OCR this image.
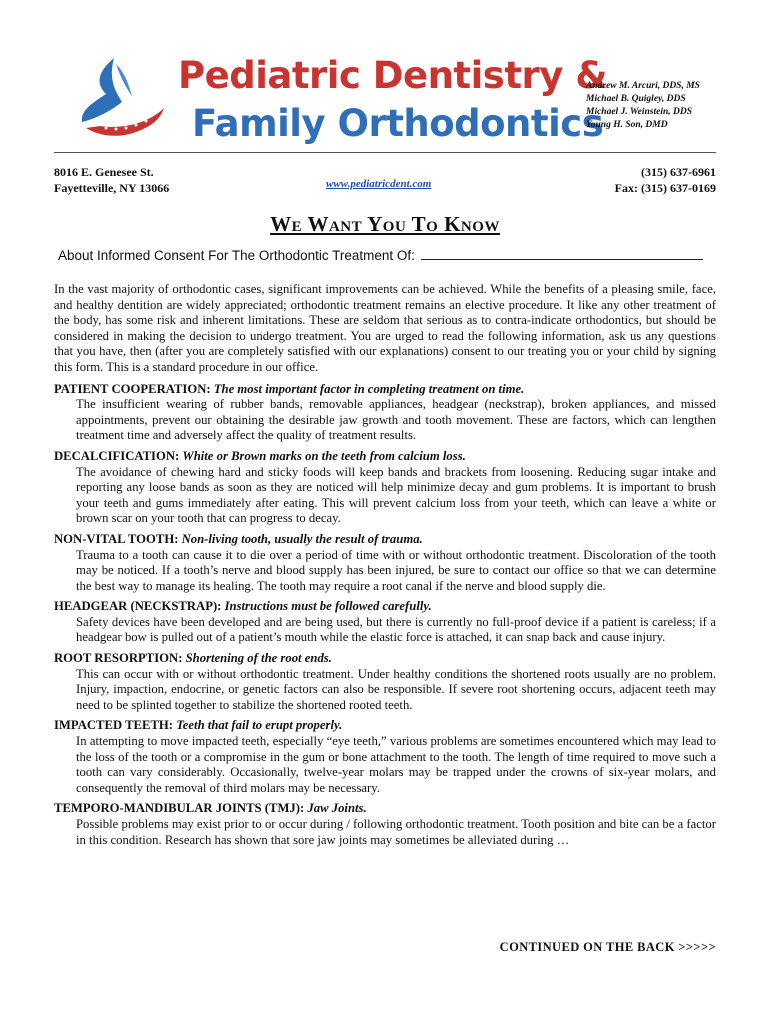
Pediatric Dentistry &
Family Orthodontics
Andrew M. Arcuri, DDS, MS
Michael B. Quigley, DDS
Michael J. Weinstein, DDS
Young H. Son, DMD
8016 E. Genesee St.
Fayetteville, NY 13066	www.pediatricdent.com
(315) 637-6961
Fax: (315) 637-0169
We Want You To Know
About Informed Consent For The Orthodontic Treatment Of:

In the vast majority of orthodontic cases, significant improvements can be achieved. While the benefits of a pleasing smile, face, and healthy dentition are widely appreciated; orthodontic treatment remains an elective procedure. It like any other treatment of the body, has some risk and inherent limitations. These are seldom that serious as to contra-indicate orthodontics, but should be considered in making the decision to undergo treatment. You are urged to read the following information, ask us any questions that you have, then (after you are completely satisfied with our explanations) consent to our treating you or your child by signing this form. This is a standard procedure in our office.

PATIENT COOPERATION: The most important factor in completing treatment on time.
The insufficient wearing of rubber bands, removable appliances, headgear (neckstrap), broken appliances, and missed appointments, prevent our obtaining the desirable jaw growth and tooth movement. These are factors, which can lengthen treatment time and adversely affect the quality of treatment results.
DECALCIFICATION: White or Brown marks on the teeth from calcium loss.
The avoidance of chewing hard and sticky foods will keep bands and brackets from loosening. Reducing sugar intake and reporting any loose bands as soon as they are noticed will help minimize decay and gum problems. It is important to brush your teeth and gums immediately after eating. This will prevent calcium loss from your teeth, which can leave a white or brown scar on your tooth that can progress to decay.
NON-VITAL TOOTH: Non-living tooth, usually the result of trauma.
Trauma to a tooth can cause it to die over a period of time with or without orthodontic treatment. Discoloration of the tooth may be noticed. If a tooth’s nerve and blood supply has been injured, be sure to contact our office so that we can determine the best way to manage its healing. The tooth may require a root canal if the nerve and blood supply die.
HEADGEAR (NECKSTRAP): Instructions must be followed carefully.
Safety devices have been developed and are being used, but there is currently no full-proof device if a patient is careless; if a headgear bow is pulled out of a patient’s mouth while the elastic force is attached, it can snap back and cause injury.
ROOT RESORPTION: Shortening of the root ends.
This can occur with or without orthodontic treatment. Under healthy conditions the shortened roots usually are no problem. Injury, impaction, endocrine, or genetic factors can also be responsible. If severe root shortening occurs, adjacent teeth may need to be splinted together to stabilize the shortened rooted teeth.
IMPACTED TEETH: Teeth that fail to erupt properly.
In attempting to move impacted teeth, especially “eye teeth,” various problems are sometimes encountered which may lead to the loss of the tooth or a compromise in the gum or bone attachment to the tooth. The length of time required to move such a tooth can vary considerably. Occasionally, twelve-year molars may be trapped under the crowns of six-year molars, and consequently the removal of third molars may be necessary.
TEMPORO-MANDIBULAR JOINTS (TMJ): Jaw Joints.
Possible problems may exist prior to or occur during / following orthodontic treatment. Tooth position and bite can be a factor in this condition. Research has shown that sore jaw joints may sometimes be alleviated during …
CONTINUED ON THE BACK >>>>>
